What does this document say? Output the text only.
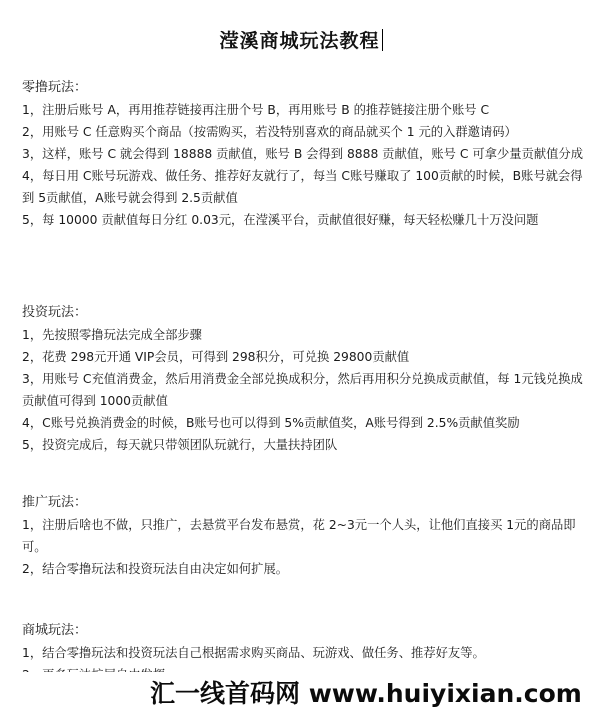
滢溪商城玩法教程
零撸玩法：
1，注册后账号 A，再用推荐链接再注册个号 B，再用账号 B 的推荐链接注册个账号 C
2，用账号 C 任意购买个商品（按需购买，若没特别喜欢的商品就买个 1 元的入群邀请码）
3，这样，账号 C 就会得到 18888 贡献值，账号 B 会得到 8888 贡献值，账号 C 可拿少量贡献值分成
4，每日用 C账号玩游戏、做任务、推荐好友就行了，每当 C账号赚取了 100贡献的时候，B账号就会得到 5贡献值，A账号就会得到 2.5贡献值
5，每 10000 贡献值每日分红 0.03元，在滢溪平台，贡献值很好赚，每天轻松赚几十万没问题
投资玩法：
1，先按照零撸玩法完成全部步骤
2，花费 298元开通 VIP会员，可得到 298积分，可兑换 29800贡献值
3，用账号 C充值消费金，然后用消费金全部兑换成积分，然后再用积分兑换成贡献值，每 1元钱兑换成贡献值可得到 1000贡献值
4，C账号兑换消费金的时候，B账号也可以得到 5%贡献值奖，A账号得到 2.5%贡献值奖励
5，投资完成后，每天就只带领团队玩就行，大量扶持团队
推广玩法：
1，注册后啥也不做，只推广，去悬赏平台发布悬赏，花 2~3元一个人头，让他们直接买 1元的商品即可。
2，结合零撸玩法和投资玩法自由决定如何扩展。
商城玩法：
1，结合零撸玩法和投资玩法自己根据需求购买商品、玩游戏、做任务、推荐好友等。
汇一线首码网 www.huiyixian.com
